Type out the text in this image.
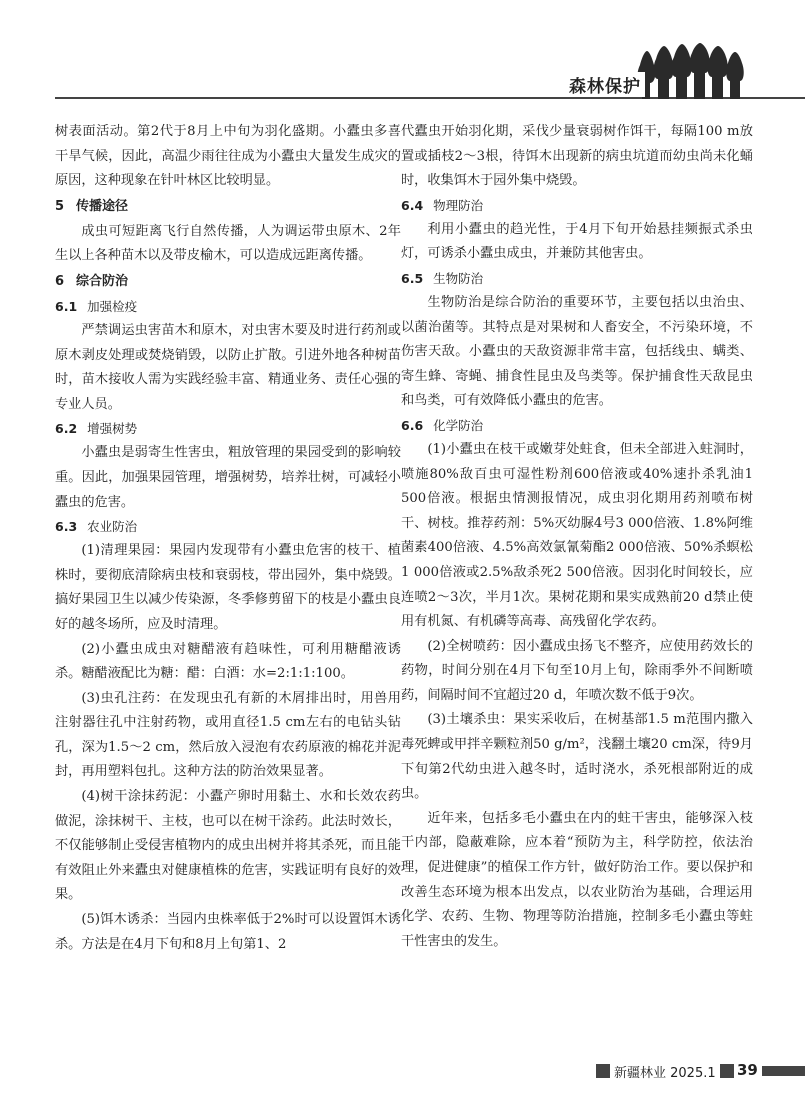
森林保护

树表面活动。第2代于8月上中旬为羽化盛期。小蠹虫多喜干旱气候，因此，高温少雨往往成为小蠹虫大量发生成灾的原因，这种现象在针叶林区比较明显。

5 传播途径

成虫可短距离飞行自然传播，人为调运带虫原木、2年生以上各种苗木以及带皮榆木，可以造成远距离传播。

6 综合防治
6.1 加强检疫

严禁调运虫害苗木和原木，对虫害木要及时进行药剂或原木剥皮处理或焚烧销毁，以防止扩散。引进外地各种树苗时，苗木接收人需为实践经验丰富、精通业务、责任心强的专业人员。

6.2 增强树势

小蠹虫是弱寄生性害虫，粗放管理的果园受到的影响较重。因此，加强果园管理，增强树势，培养壮树，可减轻小蠹虫的危害。

6.3 农业防治

(1)清理果园：果园内发现带有小蠹虫危害的枝干、植株时，要彻底清除病虫枝和衰弱枝，带出园外，集中烧毁。搞好果园卫生以减少传染源，冬季修剪留下的枝是小蠹虫良好的越冬场所，应及时清理。

(2)小蠹虫成虫对糖醋液有趋味性，可利用糖醋液诱杀。糖醋液配比为糖：醋：白酒：水=2:1:1:100。

(3)虫孔注药：在发现虫孔有新的木屑排出时，用兽用注射器往孔中注射药物，或用直径1.5 cm左右的电钻头钻孔，深为1.5～2 cm，然后放入浸泡有农药原液的棉花并泥封，再用塑料包扎。这种方法的防治效果显著。

(4)树干涂抹药泥：小蠹产卵时用黏土、水和长效农药做泥，涂抹树干、主枝，也可以在树干涂药。此法时效长，不仅能够制止受侵害植物内的成虫出树并将其杀死，而且能有效阻止外来蠹虫对健康植株的危害，实践证明有良好的效果。

(5)饵木诱杀：当园内虫株率低于2%时可以设置饵木诱杀。方法是在4月下旬和8月上旬第1、2

代蠹虫开始羽化期，采伐少量衰弱树作饵干，每隔100 m放置或插枝2～3根，待饵木出现新的病虫坑道而幼虫尚未化蛹时，收集饵木于园外集中烧毁。

6.4 物理防治

利用小蠹虫的趋光性，于4月下旬开始悬挂频振式杀虫灯，可诱杀小蠹虫成虫，并兼防其他害虫。

6.5 生物防治

生物防治是综合防治的重要环节，主要包括以虫治虫、以菌治菌等。其特点是对果树和人畜安全，不污染环境，不伤害天敌。小蠹虫的天敌资源非常丰富，包括线虫、螨类、寄生蜂、寄蝇、捕食性昆虫及鸟类等。保护捕食性天敌昆虫和鸟类，可有效降低小蠹虫的危害。

6.6 化学防治

(1)小蠹虫在枝干或嫩芽处蛀食，但未全部进入蛀洞时，喷施80%敌百虫可湿性粉剂600倍液或40%速扑杀乳油1 500倍液。根据虫情测报情况，成虫羽化期用药剂喷布树干、树枝。推荐药剂：5%灭幼脲4号3 000倍液、1.8%阿维菌素400倍液、4.5%高效氯氰菊酯2 000倍液、50%杀螟松1 000倍液或2.5%敌杀死2 500倍液。因羽化时间较长，应连喷2～3次，半月1次。果树花期和果实成熟前20 d禁止使用有机氮、有机磷等高毒、高残留化学农药。

(2)全树喷药：因小蠹成虫扬飞不整齐，应使用药效长的药物，时间分别在4月下旬至10月上旬，除雨季外不间断喷药，间隔时间不宜超过20 d，年喷次数不低于9次。

(3)土壤杀虫：果实采收后，在树基部1.5 m范围内撒入毒死蜱或甲拌辛颗粒剂50 g/m²，浅翻土壤20 cm深，待9月下旬第2代幼虫进入越冬时，适时浇水，杀死根部附近的成虫。

近年来，包括多毛小蠹虫在内的蛀干害虫，能够深入枝干内部，隐蔽难除，应本着“预防为主，科学防控，依法治理，促进健康”的植保工作方针，做好防治工作。要以保护和改善生态环境为根本出发点，以农业防治为基础，合理运用化学、农药、生物、物理等防治措施，控制多毛小蠹虫等蛀干性害虫的发生。

新疆林业 2025.1 39
